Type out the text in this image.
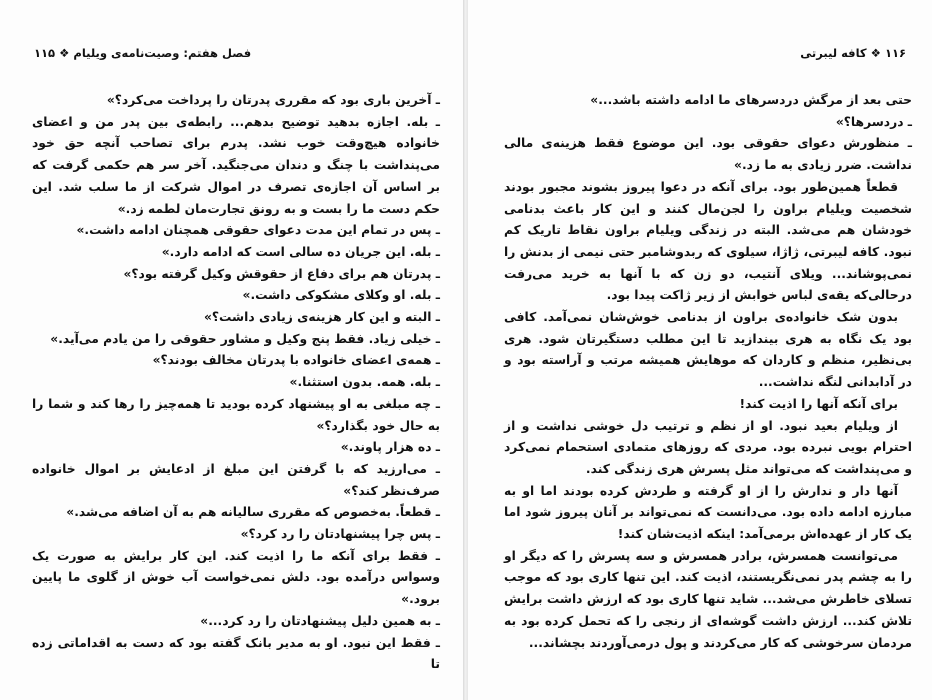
فصل هفتم: وصیت‌نامه‌ی ویلیام ❖ ۱۱۵

ـ آخرین باری بود که مقرری پدرتان را پرداخت می‌کرد؟»

ـ بله. اجازه بدهید توضیح بدهم... رابطه‌ی بین پدر من و اعضای خانواده هیچ‌وقت خوب نشد. پدرم برای تصاحب آنچه حق خود می‌پنداشت با چنگ و دندان می‌جنگید. آخر سر هم حکمی گرفت که بر اساس آن اجازه‌ی تصرف در اموال شرکت از ما سلب شد. این حکم دست ما را بست و به رونق تجارت‌مان لطمه زد.»

ـ پس در تمام این مدت دعوای حقوقی همچنان ادامه داشت.»

ـ بله. این جریان ده سالی است که ادامه دارد.»

ـ پدرتان هم برای دفاع از حقوقش وکیل گرفته بود؟»

ـ بله. او وکلای مشکوکی داشت.»

ـ البته و این کار هزینه‌ی زیادی داشت؟»

ـ خیلی زیاد. فقط پنج وکیل و مشاور حقوقی را من یادم می‌آید.»

ـ همه‌ی اعضای خانواده با پدرتان مخالف بودند؟»

ـ بله. همه. بدون استثنا.»

ـ چه مبلغی به او پیشنهاد کرده بودید تا همه‌چیز را رها کند و شما را به حال خود بگذارد؟»

ـ ده هزار پاوند.»

ـ می‌ارزید که با گرفتن این مبلغ از ادعایش بر اموال خانواده صرف‌نظر کند؟»

ـ قطعاً. به‌خصوص که مقرری سالیانه هم به آن اضافه می‌شد.»

ـ پس چرا پیشنهادتان را رد کرد؟»

ـ فقط برای آنکه ما را اذیت کند. این کار برایش به صورت یک وسواس درآمده بود. دلش نمی‌خواست آب خوش از گلوی ما پایین برود.»

ـ به همین دلیل پیشنهادتان را رد کرد...»

ـ فقط این نبود. او به مدیر بانک گفته بود که دست به اقداماتی زده تا

۱۱۶ ❖ کافه لیبرتی

حتی بعد از مرگش دردسرهای ما ادامه داشته باشد...»

ـ دردسرها؟»

ـ منظورش دعوای حقوقی بود. این موضوع فقط هزینه‌ی مالی نداشت. ضرر زیادی به ما زد.»

قطعاً همین‌طور بود. برای آنکه در دعوا پیروز بشوند مجبور بودند شخصیت ویلیام براون را لجن‌مال کنند و این کار باعث بدنامی خودشان هم می‌شد. البته در زندگی ویلیام براون نقاط تاریک کم نبود. کافه لیبرتی، ژاژا، سیلوی که ربدوشامبر حتی نیمی از بدنش را نمی‌پوشاند... ویلای آنتیب، دو زن که با آنها به خرید می‌رفت درحالی‌که یقه‌ی لباس خوابش از زیر ژاکت پیدا بود.

بدون شک خانواده‌ی براون از بدنامی خوش‌شان نمی‌آمد. کافی بود یک نگاه به هری بیندازید تا این مطلب دستگیرتان شود. هری بی‌نظیر، منظم و کاردان که موهایش همیشه مرتب و آراسته بود و در آدابدانی لنگه نداشت...

برای آنکه آنها را اذیت کند!

از ویلیام بعید نبود. او از نظم و ترتیب دل خوشی نداشت و از احترام بویی نبرده بود. مردی که روزهای متمادی استحمام نمی‌کرد و می‌پنداشت که می‌تواند مثل پسرش هری زندگی کند.

آنها دار و ندارش را از او گرفته و طردش کرده بودند اما او به مبارزه ادامه داده بود. می‌دانست که نمی‌تواند بر آنان پیروز شود اما یک کار از عهده‌اش برمی‌آمد: اینکه اذیت‌شان کند!

می‌توانست همسرش، برادر همسرش و سه پسرش را که دیگر او را به چشم پدر نمی‌نگریستند، اذیت کند. این تنها کاری بود که موجب تسلای خاطرش می‌شد... شاید تنها کاری بود که ارزش داشت برایش تلاش کند... ارزش داشت گوشه‌ای از رنجی را که تحمل کرده بود به مردمان سرخوشی که کار می‌کردند و پول درمی‌آوردند بچشاند...
